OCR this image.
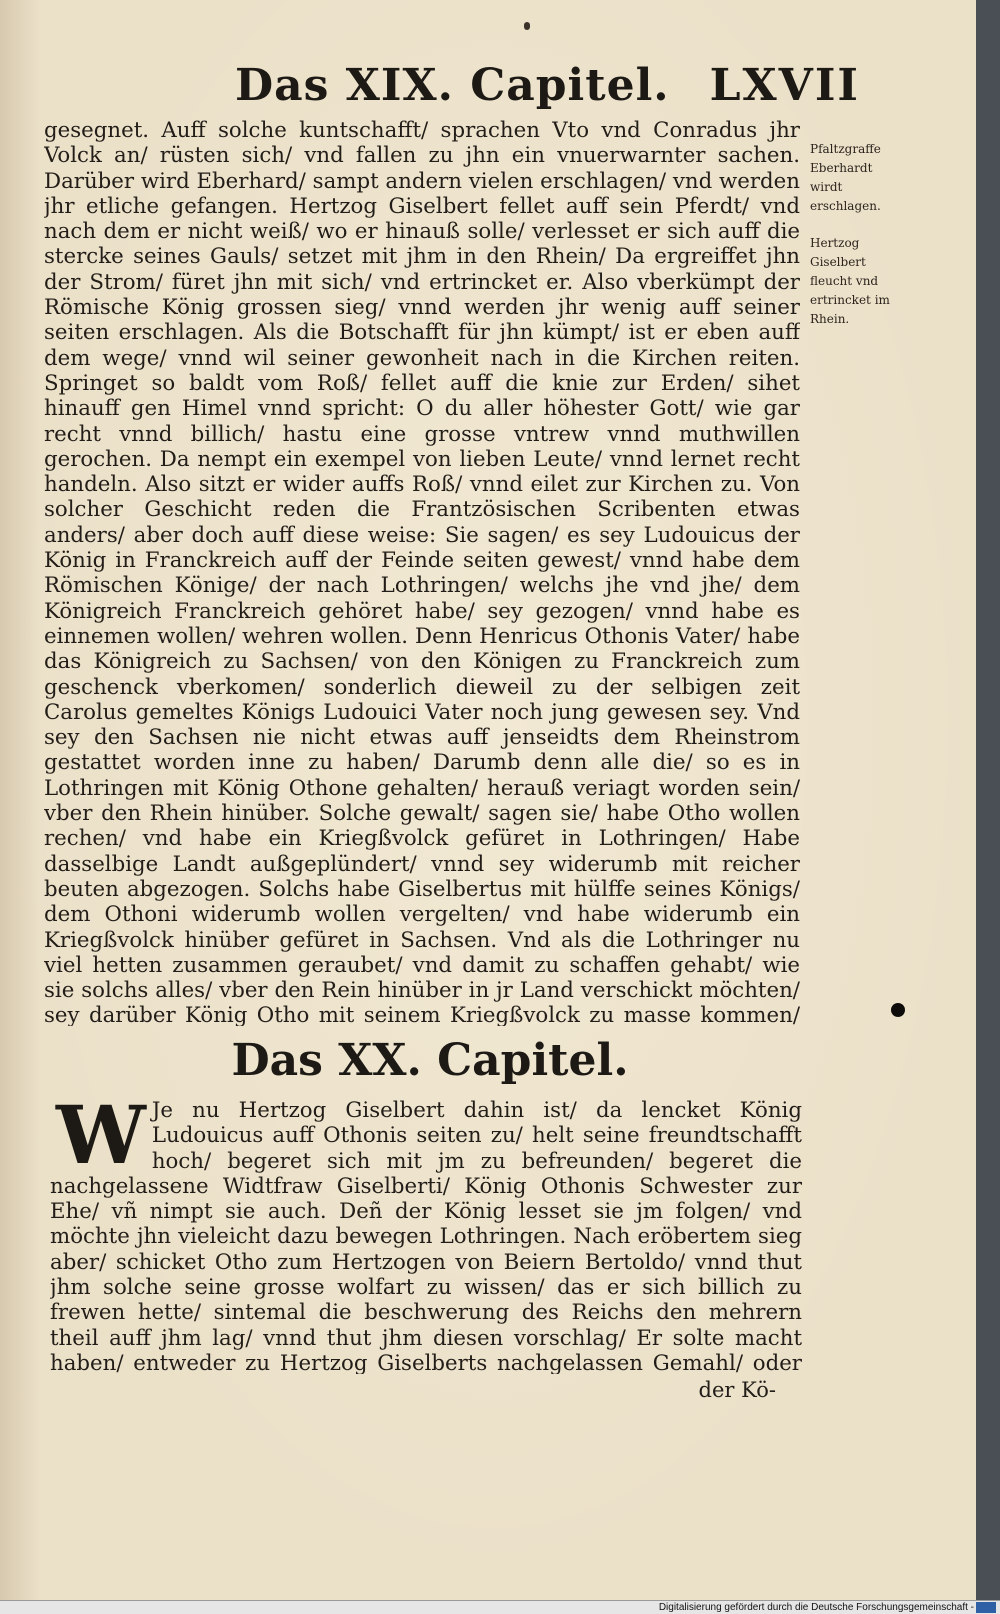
Das XIX. Capitel. LXVII

gesegnet. Auff solche kuntschafft/ sprachen Vto vnd Conradus jhr Volck an/ rüsten sich/ vnd fallen zu jhn ein vnuerwarnter sachen. Darüber wird Eberhard/ sampt andern vielen erschlagen/ vnd werden jhr etliche gefangen. Hertzog Giselbert fellet auff sein Pferdt/ vnd nach dem er nicht weiß/ wo er hinauß solle/ verlesset er sich auff die stercke seines Gauls/ setzet mit jhm in den Rhein/ Da ergreiffet jhn der Strom/ füret jhn mit sich/ vnd ertrincket er. Also vberkümpt der Römische König grossen sieg/ vnnd werden jhr wenig auff seiner seiten erschlagen. Als die Botschafft für jhn kümpt/ ist er eben auff dem wege/ vnnd wil seiner gewonheit nach in die Kirchen reiten. Springet so baldt vom Roß/ fellet auff die knie zur Erden/ sihet hinauff gen Himel vnnd spricht: O du aller höhester Gott/ wie gar recht vnnd billich/ hastu eine grosse vntrew vnnd muthwillen gerochen. Da nempt ein exempel von lieben Leute/ vnnd lernet recht handeln. Also sitzt er wider auffs Roß/ vnnd eilet zur Kirchen zu. Von solcher Geschicht reden die Frantzösischen Scribenten etwas anders/ aber doch auff diese weise: Sie sagen/ es sey Ludouicus der König in Franckreich auff der Feinde seiten gewest/ vnnd habe dem Römischen Könige/ der nach Lothringen/ welchs jhe vnd jhe/ dem Königreich Franckreich gehöret habe/ sey gezogen/ vnnd habe es einnemen wollen/ wehren wollen. Denn Henricus Othonis Vater/ habe das Königreich zu Sachsen/ von den Königen zu Franckreich zum geschenck vberkomen/ sonderlich dieweil zu der selbigen zeit Carolus gemeltes Königs Ludouici Vater noch jung gewesen sey. Vnd sey den Sachsen nie nicht etwas auff jenseidts dem Rheinstrom gestattet worden inne zu haben/ Darumb denn alle die/ so es in Lothringen mit König Othone gehalten/ herauß veriagt worden sein/ vber den Rhein hinüber. Solche gewalt/ sagen sie/ habe Otho wollen rechen/ vnd habe ein Kriegßvolck gefüret in Lothringen/ Habe dasselbige Landt außgeplündert/ vnnd sey widerumb mit reicher beuten abgezogen. Solchs habe Giselbertus mit hülffe seines Königs/ dem Othoni widerumb wollen vergelten/ vnd habe widerumb ein Kriegßvolck hinüber gefüret in Sachsen. Vnd als die Lothringer nu viel hetten zusammen geraubet/ vnd damit zu schaffen gehabt/ wie sie solchs alles/ vber den Rein hinüber in jr Land verschickt möchten/ sey darüber König Otho mit seinem Kriegßvolck zu masse kommen/

Pfaltzgraffe Eberhardt wirdt erschlagen.
Hertzog Giselbert fleucht vnd ertrincket im Rhein.
Das XX. Capitel.
W Je nu Hertzog Giselbert dahin ist/ da lencket König Ludouicus auff Othonis seiten zu/ helt seine freundtschafft hoch/ begeret sich mit jm zu befreunden/ begeret die nachgelassene Widtfraw Giselberti/ König Othonis Schwester zur Ehe/ vñ nimpt sie auch. Deñ der König lesset sie jm folgen/ vnd möchte jhn vieleicht dazu bewegen Lothringen. Nach eröbertem sieg aber/ schicket Otho zum Hertzogen von Beiern Bertoldo/ vnnd thut jhm solche seine grosse wolfart zu wissen/ das er sich billich zu frewen hette/ sintemal die beschwerung des Reichs den mehrern theil auff jhm lag/ vnnd thut jhm diesen vorschlag/ Er solte macht haben/ entweder zu Hertzog Giselberts nachgelassen Gemahl/ oder
der Kö-
Digitalisierung gefördert durch die Deutsche Forschungsgemeinschaft -
